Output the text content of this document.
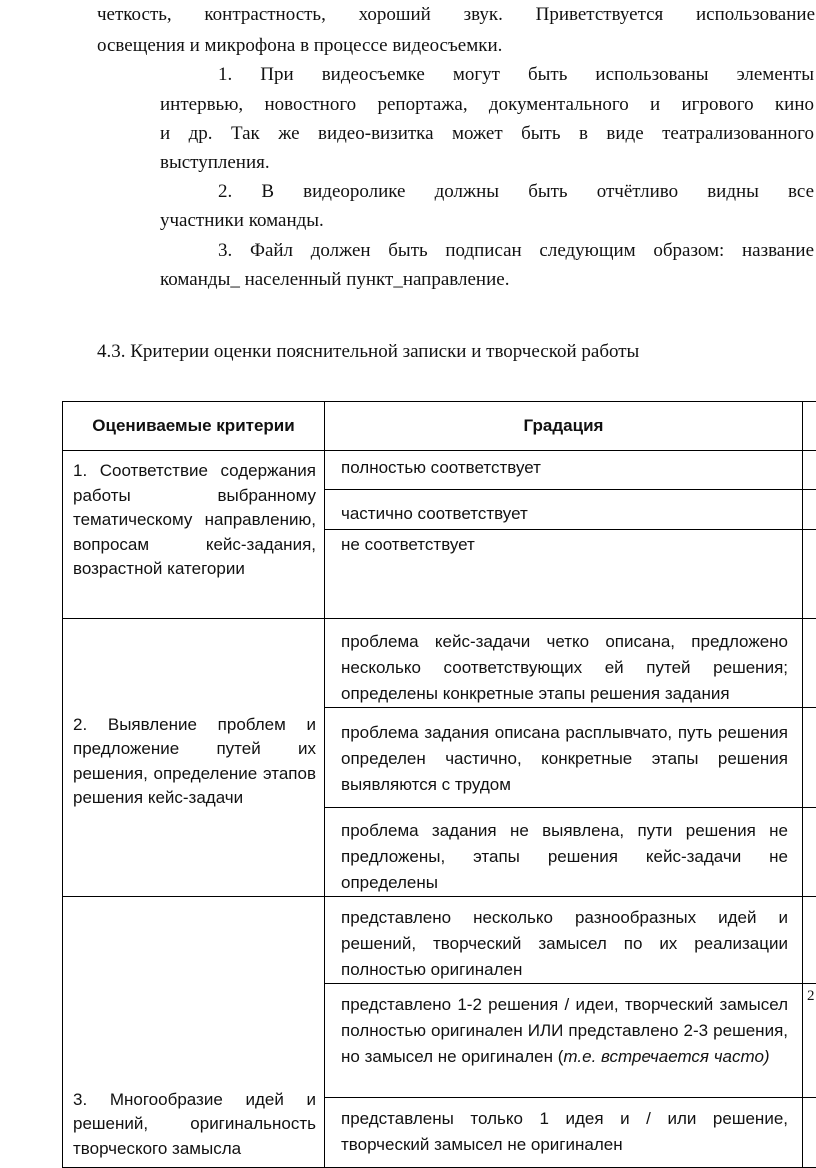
четкость, контрастность, хороший звук. Приветствуется использование
освещения и микрофона в процессе видеосъемки.
1. При видеосъемке могут быть использованы элементы
интервью, новостного репортажа, документального и игрового кино
и др. Так же видео-визитка может быть в виде театрализованного
выступления.
2. В видеоролике должны быть отчётливо видны все
участники команды.
3. Файл должен быть подписан следующим образом: название
команды_ населенный пункт_направление.
4.3. Критерии оценки пояснительной записки и творческой работы
Оцениваемые критерии	Градация	
1. Соответствие содержания работы выбранному тематическому направлению, вопросам кейс-задания, возрастной категории	полностью соответствует	
	частично соответствует	
	не соответствует	
2. Выявление проблем и предложение путей их решения, определение этапов решения кейс-задачи	проблема кейс-задачи четко описана, предложено несколько соответствующих ей путей решения; определены конкретные этапы решения задания	
	проблема задания описана расплывчато, путь решения определен частично, конкретные этапы решения выявляются с трудом	
	проблема задания не выявлена, пути решения не предложены, этапы решения кейс-задачи не определены	
3. Многообразие идей и решений, оригинальность творческого замысла	представлено несколько разнообразных идей и решений, творческий замысел по их реализации полностью оригинален	
	представлено 1-2 решения / идеи, творческий замысел полностью оригинален ИЛИ представлено 2-3 решения, но замысел не оригинален (т.е. встречается часто)	2
	представлены только 1 идея и / или решение, творческий замысел не оригинален	
